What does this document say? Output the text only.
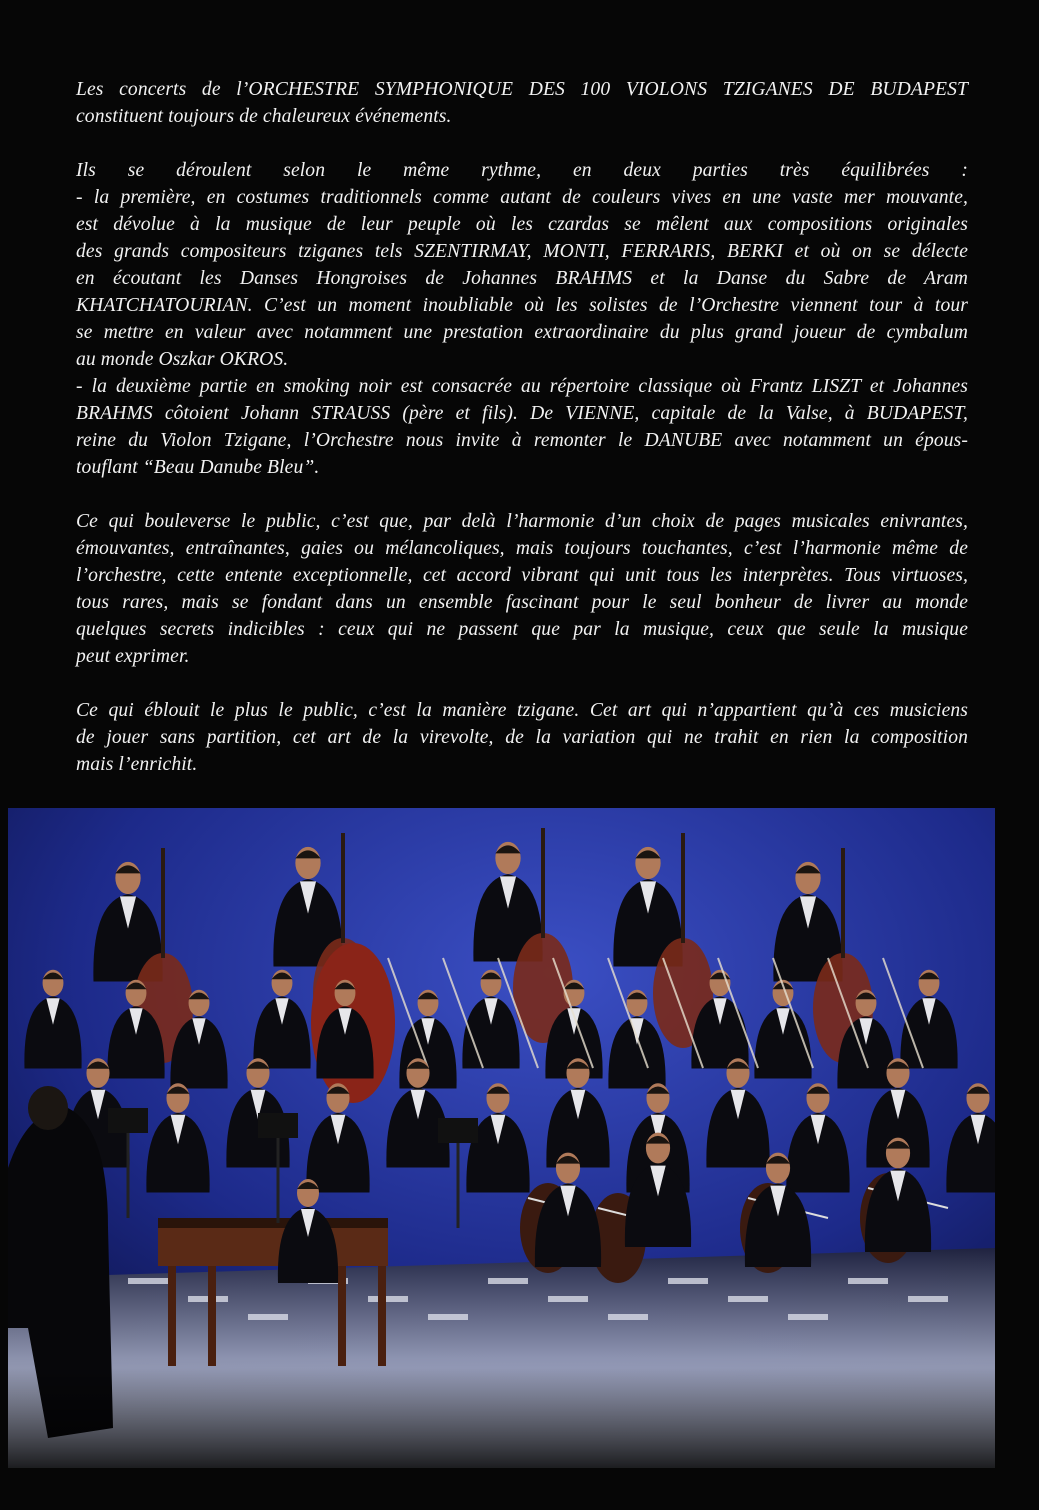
Les concerts de l’ORCHESTRE SYMPHONIQUE DES 100 VIOLONS TZIGANES DE BUDAPEST
constituent toujours de chaleureux événements.

Ils se déroulent selon le même rythme, en deux parties très équilibrées :
- la première, en costumes traditionnels comme autant de couleurs vives en une vaste mer mouvante,
est dévolue à la musique de leur peuple où les czardas se mêlent aux compositions originales
des grands compositeurs tziganes tels SZENTIRMAY, MONTI, FERRARIS, BERKI et où on se délecte
en écoutant les Danses Hongroises de Johannes BRAHMS et la Danse du Sabre de Aram
KHATCHATOURIAN. C’est un moment inoubliable où les solistes de l’Orchestre viennent tour à tour
se mettre en valeur avec notamment une prestation extraordinaire du plus grand joueur de cymbalum
au monde Oszkar OKROS.
- la deuxième partie en smoking noir est consacrée au répertoire classique où Frantz LISZT et Johannes
BRAHMS côtoient Johann STRAUSS (père et fils). De VIENNE, capitale de la Valse, à BUDAPEST,
reine du Violon Tzigane, l’Orchestre nous invite à remonter le DANUBE avec notamment un épous-
touflant “Beau Danube Bleu”.

Ce qui bouleverse le public, c’est que, par delà l’harmonie d’un choix de pages musicales enivrantes,
émouvantes, entraînantes, gaies ou mélancoliques, mais toujours touchantes, c’est l’harmonie même de
l’orchestre, cette entente exceptionnelle, cet accord vibrant qui unit tous les interprètes. Tous virtuoses,
tous rares, mais se fondant dans un ensemble fascinant pour le seul bonheur de livrer au monde
quelques secrets indicibles : ceux qui ne passent que par la musique, ceux que seule la musique
peut exprimer.

Ce qui éblouit le plus le public, c’est la manière tzigane. Cet art qui n’appartient qu’à ces musiciens
de jouer sans partition, cet art de la virevolte, de la variation qui ne trahit en rien la composition
mais l’enrichit.
